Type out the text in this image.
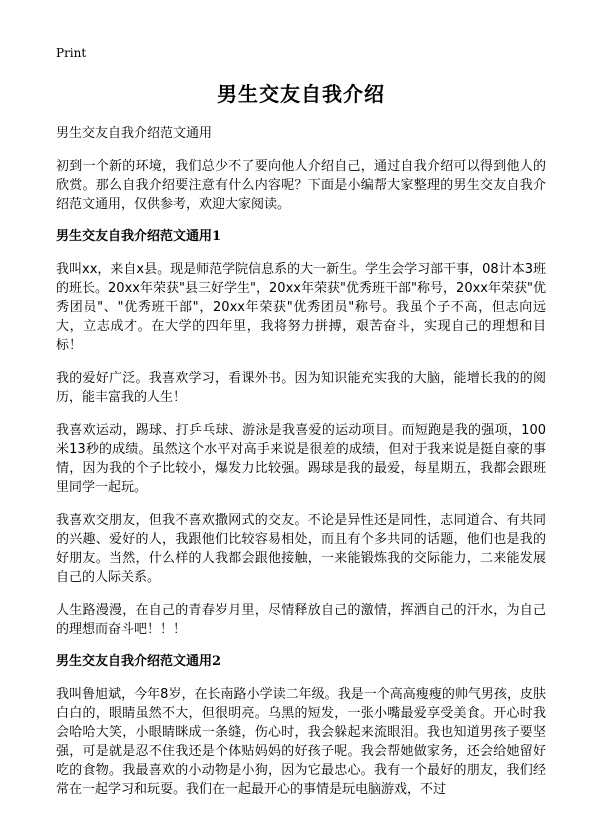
Print
男生交友自我介绍
男生交友自我介绍范文通用

初到一个新的环境，我们总少不了要向他人介绍自己，通过自我介绍可以得到他人的欣赏。那么自我介绍要注意有什么内容呢？下面是小编帮大家整理的男生交友自我介绍范文通用，仅供参考，欢迎大家阅读。

男生交友自我介绍范文通用1

我叫xx，来自x县。现是师范学院信息系的大一新生。学生会学习部干事，08计本3班的班长。20xx年荣获"县三好学生"，20xx年荣获"优秀班干部"称号，20xx年荣获"优秀团员"、"优秀班干部"，20xx年荣获"优秀团员"称号。我虽个子不高，但志向远大，立志成才。在大学的四年里，我将努力拼搏，艰苦奋斗，实现自己的理想和目标！

我的爱好广泛。我喜欢学习，看课外书。因为知识能充实我的大脑，能增长我的的阅历，能丰富我的人生！

我喜欢运动，踢球、打乒乓球、游泳是我喜爱的运动项目。而短跑是我的强项，100米13秒的成绩。虽然这个水平对高手来说是很差的成绩，但对于我来说是挺自豪的事情，因为我的个子比较小，爆发力比较强。踢球是我的最爱，每星期五，我都会跟班里同学一起玩。

我喜欢交朋友，但我不喜欢撒网式的交友。不论是异性还是同性，志同道合、有共同的兴趣、爱好的人，我跟他们比较容易相处，而且有个多共同的话题，他们也是我的好朋友。当然，什么样的人我都会跟他接触，一来能锻炼我的交际能力，二来能发展自己的人际关系。

人生路漫漫，在自己的青春岁月里，尽情释放自己的激情，挥洒自己的汗水，为自己的理想而奋斗吧！！！

男生交友自我介绍范文通用2

我叫鲁旭斌，今年8岁，在长南路小学读二年级。我是一个高高瘦瘦的帅气男孩，皮肤白白的，眼睛虽然不大，但很明亮。乌黑的短发，一张小嘴最爱享受美食。开心时我会哈哈大笑，小眼睛眯成一条缝，伤心时，我会躲起来流眼泪。我也知道男孩子要坚强，可是就是忍不住我还是个体贴妈妈的好孩子呢。我会帮她做家务，还会给她留好吃的食物。我最喜欢的小动物是小狗，因为它最忠心。我有一个最好的朋友，我们经常在一起学习和玩耍。我们在一起最开心的事情是玩电脑游戏，不过
